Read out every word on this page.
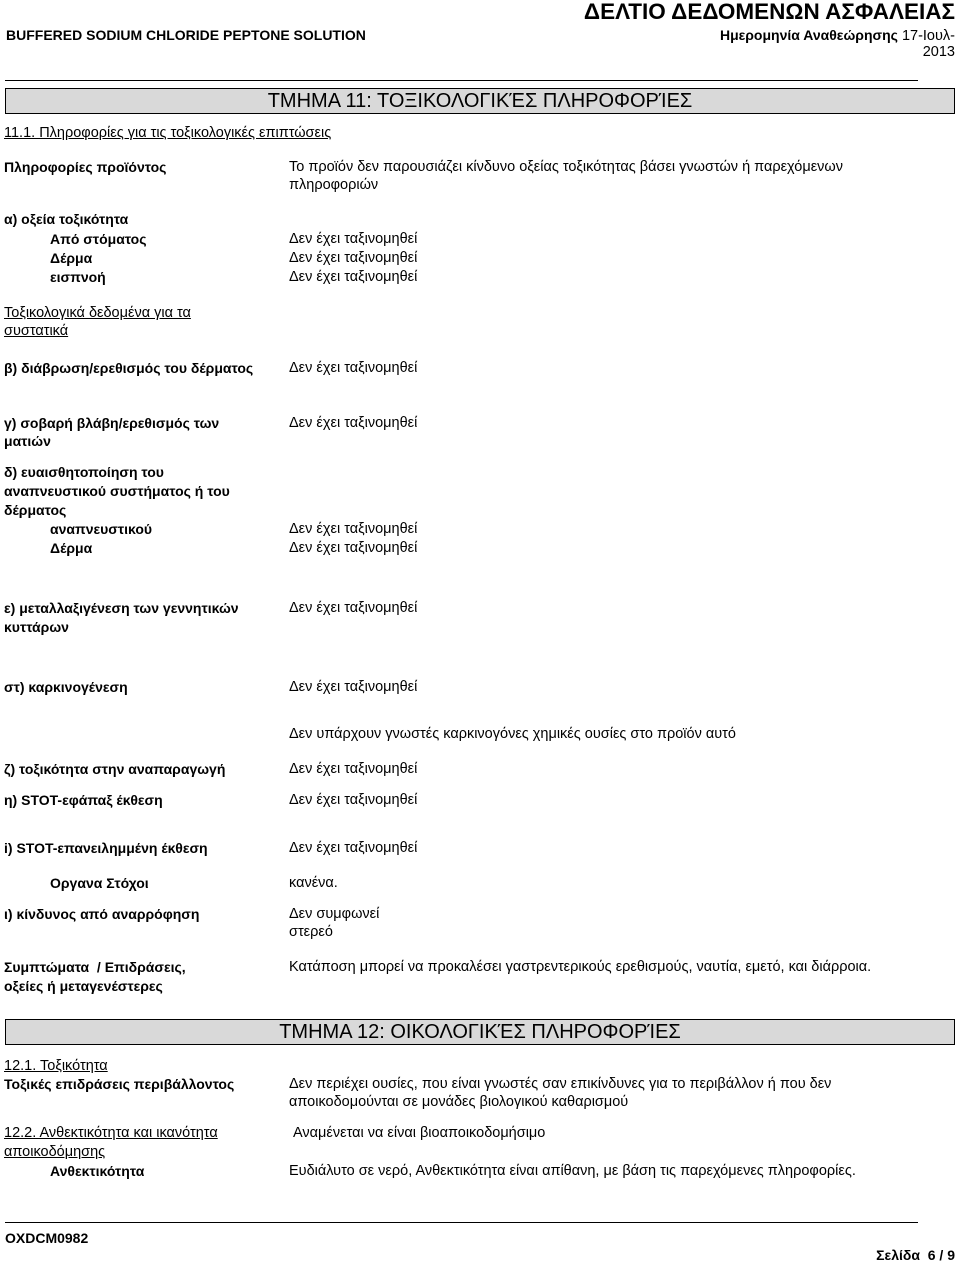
ΔΕΛΤΙΟ ΔΕΔΟΜΕΝΩΝ ΑΣΦΑΛΕΙΑΣ
BUFFERED SODIUM CHLORIDE PEPTONE SOLUTION	Ημερομηνία Αναθεώρησης 17-Ιουλ-
2013
ΤΜΗΜΑ 11: ΤΟΞΙΚΟΛΟΓΙΚΈΣ ΠΛΗΡΟΦΟΡΊΕΣ
11.1. Πληροφορίες για τις τοξικολογικές επιπτώσεις
Πληροφορίες προϊόντος	Το προϊόν δεν παρουσιάζει κίνδυνο οξείας τοξικότητας βάσει γνωστών ή παρεχόμενων
πληροφοριών
α) οξεία τοξικότητα
Από στόματος	Δεν έχει ταξινομηθεί
Δέρμα	Δεν έχει ταξινομηθεί
εισπνοή	Δεν έχει ταξινομηθεί
Τοξικολογικά δεδομένα για τα
συστατικά
β) διάβρωση/ερεθισμός του δέρματος Δεν έχει ταξινομηθεί
γ) σοβαρή βλάβη/ερεθισμός των
ματιών
Δεν έχει ταξινομηθεί
δ) ευαισθητοποίηση του
αναπνευστικού συστήματος ή του
δέρματος
αναπνευστικού	Δεν έχει ταξινομηθεί
Δέρμα	Δεν έχει ταξινομηθεί
ε) μεταλλαξιγένεση των γεννητικών
κυττάρων
Δεν έχει ταξινομηθεί
στ) καρκινογένεση	Δεν έχει ταξινομηθεί
Δεν υπάρχουν γνωστές καρκινογόνες χημικές ουσίες στο προϊόν αυτό
ζ) τοξικότητα στην αναπαραγωγή	Δεν έχει ταξινομηθεί
η) STOT-εφάπαξ έκθεση	Δεν έχει ταξινομηθεί
i) STOT-επανειλημμένη έκθεση	Δεν έχει ταξινομηθεί
Οργανα Στόχοι	κανένα.
ι) κίνδυνος από αναρρόφηση	Δεν συμφωνεί
στερεό
Συμπτώματα  / Επιδράσεις,
οξείες ή μεταγενέστερες
Κατάποση μπορεί να προκαλέσει γαστρεντερικούς ερεθισμούς, ναυτία, εμετό, και διάρροια.
ΤΜΗΜΑ 12: ΟΙΚΟΛΟΓΙΚΈΣ ΠΛΗΡΟΦΟΡΊΕΣ
12.1. Τοξικότητα
Τοξικές επιδράσεις περιβάλλοντος	Δεν περιέχει ουσίες, που είναι γνωστές σαν επικίνδυνες για το περιβάλλον ή που δεν
αποικοδομούνται σε μονάδες βιολογικού καθαρισμού
12.2. Ανθεκτικότητα και ικανότητα
αποικοδόμησης
Αναμένεται να είναι βιοαποικοδομήσιμο
Ανθεκτικότητα	Ευδιάλυτο σε νερό, Ανθεκτικότητα είναι απίθανη, με βάση τις παρεχόμενες πληροφορίες.
OXDCM0982
Σελίδα  6 / 9
